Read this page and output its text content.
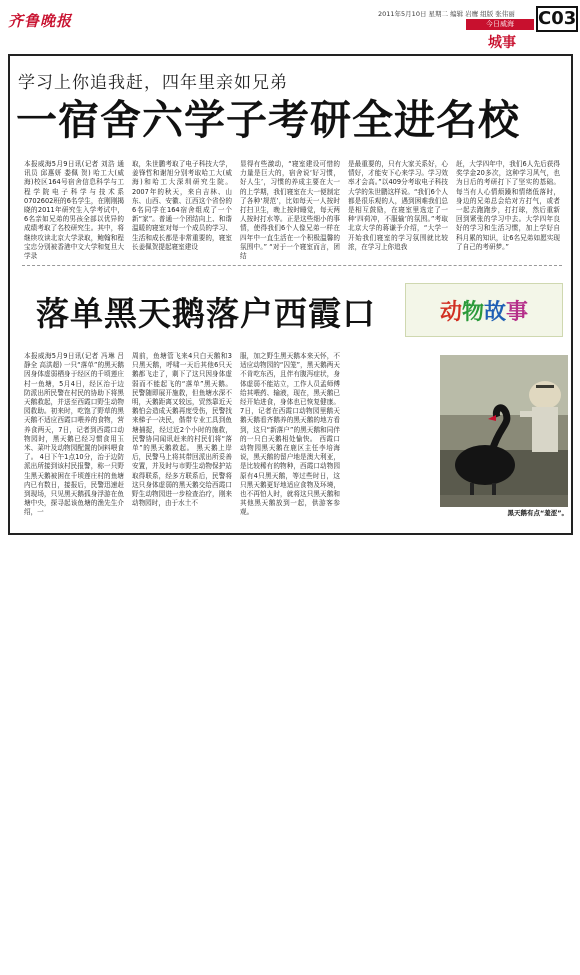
齐鲁晚报	2011年5月10日 星期二 编辑 岩鹰 组版 张伟丽 C03
今日威海
城事
学习上你追我赶，四年里亲如兄弟
一宿舍六学子考研全进名校
本报威海5月9日讯(记者 刘浩 通讯员 邱惠妍 娄佩 贺) 哈工大(威海)校区164号宿舍信息科学与工程学院电子科学与技术系0702602班的6名学生，在刚刚揭晓的2011年研究生入学考试中，6名亲如兄弟的男孩全部以优异的成绩考取了名校研究生。其中，将继续攻读北京大学录取，鲍翰和程宝忠分别被香港中文大学和复旦大学录
取，朱世鹏考取了电子科技大学，姜锋哲和谢旭分别考取哈工大(威海)和哈工大深圳研究生院。 2007年的秋天，来自吉林、山东、山西、安徽、江西这个省份的6名同学在164宿舍组成了一个新“家”。普通一个团结向上、和谐温暖的寝室对每一个成员的学习、生活和成长都是非常重要的，寝室长姜佩贺提起寝室建设
显得有些激动，“寝室建设可惜的力量是巨大的，宿舍说‘好习惯，好人生’，习惯的养成主要在大一的上学期，我们寝室在大一便制定了各种‘规范’，比如每天一人按时打扫卫生，晚上按时睡觉，每天两人按时打水等。正是这些细小的事情，使得我们6个人像兄弟一样在四年中一直生活在一个积极温馨的氛围中。” “对于一个寝室而言，团结
是最重要的，只有大家关系好，心情好，才能安下心来学习。学习效率才会高。”以409分考取电子科技大学的朱世鹏这样说。“我们6个人都是很乐观的人，遇到困难我们总是相互鼓励，在寝室里选定了一种‘四荷冲，不服输’的氛围。”考取北京大学的蒋谦予介绍，“大学一开始我们寝室的学习氛围就比较浓，在学习上你追我
赶，大学四年中，我们6人先后获得奖学金20多次，这种学习风气，也为日后的考研打下了坚实的基础。每当有人心情烦躁和情绪低落时，身边的兄弟总会给对方打气，或者一起去跑跑步，打打球，然后重新回到紧张的学习中去。大学四年良好的学习和生活习惯，加上学好自科月累的知识，让6名兄弟如愿实现了自己的考研梦。”
落单黑天鹅落户西霞口	动 物 故 事
本报威海5月9日讯(记者 冯琳 吕静全 高洪超) 一只“落单”的黑天鹅因身体虚弱栖身于经区的千顷莲庄村一鱼塘，5月4日，经区治于边防派出所民警在村民的协助下将黑天鹅救起，并送至西霞口野生动物园救助。初来时，吃饱了野草的黑天鹅不适应西霞口喂养的食物，营养食两天，7日，记者到西霞口动物园时，黑天鹅已经习惯食用玉米、菜叶及动物园配置的饲料喂食了。 4日下午1点10分，治于边防派出所接到该村民报警，称一只野生黑天鹅被困在千顷莲庄村的鱼塘内已有数日，接报后，民警迅速赶到现场，只见黑天鹅孤身浮游在鱼塘中央，探寻起该鱼塘的渔先生介绍，一
周前，鱼塘管飞来4只白天鹅和3只黑天鹅，呼啸一天后其他6只天鹅都飞走了，剩下了这只因身体虚弱而不能起飞的“落单”黑天鹅。 民警随即展开施救，但鱼塘水深不明，天鹅距离又较远，贸然靠近天鹅怕会造成天鹅再度受伤，民警找来梯子一决民，偕带专业工具到鱼塘捕捉，经过近2个小时的施救，民警协同闻讯赶来的村民们将“落单”的黑天鹅救起。 黑天鹅上岸后，民警马上将其带回派出所妥善安置，并及时与市野生动物保护站取得联系，经多方联系后，民警将这只身体虚弱的黑天鹅交给西霞口野生动物园进一步检查治疗，刚来动物园时，由于水土不
服，加之野生黑天鹅本来天怀，不适应动物园的“囚笼”，黑天鹅两天不肯吃东西，且伴有腹泻症状，身体虚弱不能站立，工作人员孟师傅给其喂药、输液，现在，黑天鹅已经开始进食，身体也已恢复健康。7日，记者在西霞口动物园里鹅天鹅天鹅看齐鹅养的黑天鹅的地方看到，这只“新落户”的黑天鹅和同伴的一只白天鹅相处愉快。 西霞口动物园黑天鹅在鹿区主任李培海说，黑天鹅的留户地是澳大利亚，是比较稀有的物种，西霞口动物园原有4只黑天鹅，等过些时日，这只黑天鹅更好地适应食物及环境，也不再怕人时，就将这只黑天鹅和其他黑天鹅放到一起，供游客参观。	黑天鹅有点“羞涩”。
